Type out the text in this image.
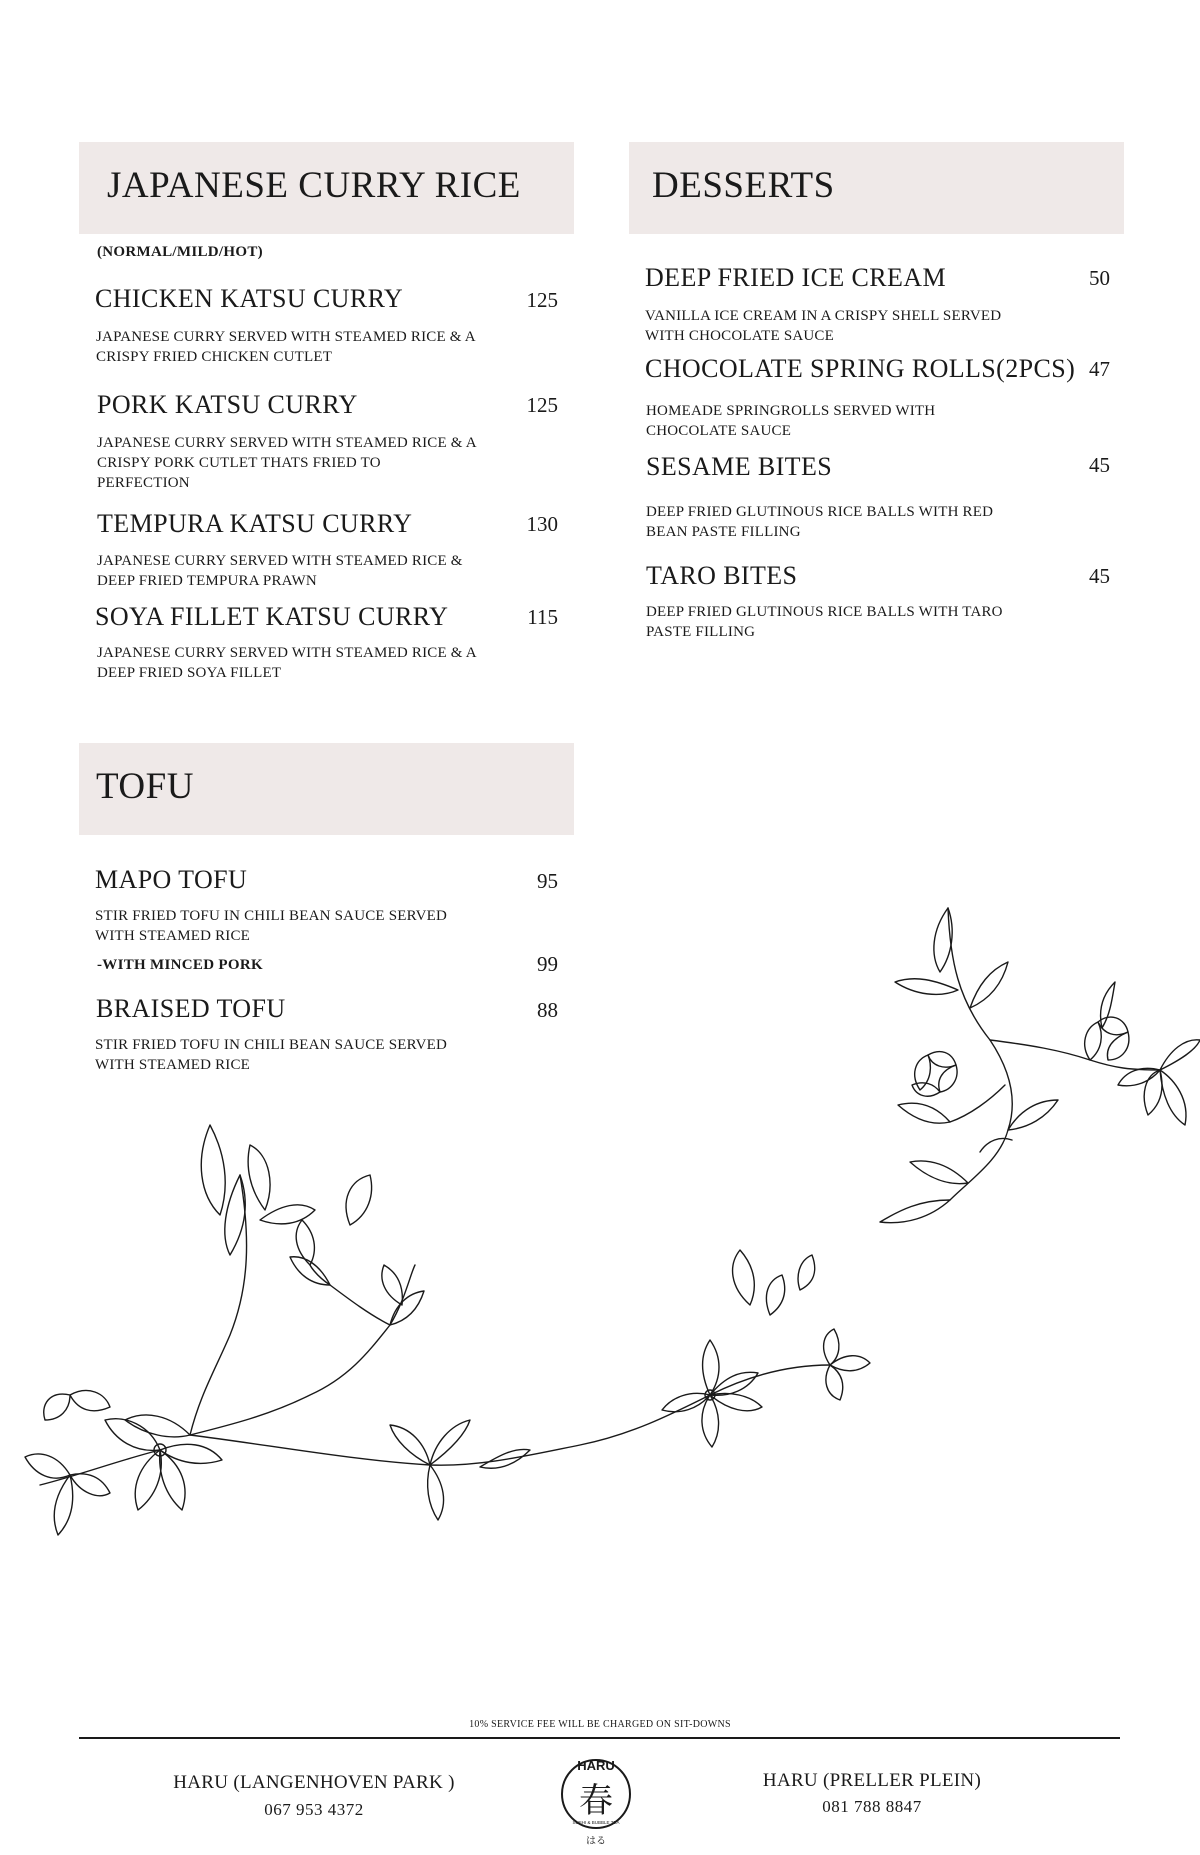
JAPANESE CURRY RICE
(NORMAL/MILD/HOT)
CHICKEN KATSU CURRY	125
JAPANESE CURRY SERVED WITH STEAMED RICE & A
CRISPY FRIED CHICKEN CUTLET
PORK KATSU CURRY	125
JAPANESE CURRY SERVED WITH STEAMED RICE & A
CRISPY PORK CUTLET THATS FRIED TO
PERFECTION
TEMPURA KATSU CURRY	130
JAPANESE CURRY SERVED WITH STEAMED RICE &
DEEP FRIED TEMPURA PRAWN
SOYA FILLET KATSU CURRY	115
JAPANESE CURRY SERVED WITH STEAMED RICE & A
DEEP FRIED SOYA FILLET
DESSERTS
DEEP FRIED ICE CREAM	50
VANILLA ICE CREAM IN A CRISPY SHELL SERVED
WITH CHOCOLATE SAUCE
CHOCOLATE SPRING ROLLS(2PCS) 47
HOMEADE SPRINGROLLS SERVED WITH
CHOCOLATE SAUCE
SESAME BITES	45
DEEP FRIED GLUTINOUS RICE BALLS WITH RED
BEAN PASTE FILLING
TARO BITES	45
DEEP FRIED GLUTINOUS RICE BALLS WITH TARO
PASTE FILLING
TOFU
MAPO TOFU	95
STIR FRIED TOFU IN CHILI BEAN SAUCE SERVED
WITH STEAMED RICE
-WITH MINCED PORK	99
BRAISED TOFU	88
STIR FRIED TOFU IN CHILI BEAN SAUCE SERVED
WITH STEAMED RICE
10% SERVICE FEE WILL BE CHARGED ON SIT-DOWNS
HARU (LANGENHOVEN PARK )
067 953 4372
HARU
春
SUSHI & BUBBLE TEA
はる
HARU (PRELLER PLEIN)
081 788 8847
